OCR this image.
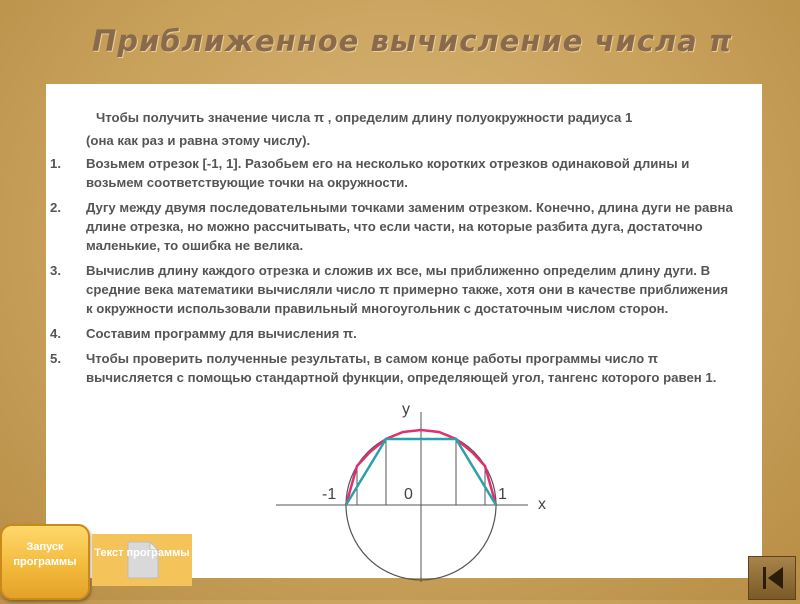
Приближенное вычисление числа π
Чтобы получить значение числа π , определим длину полуокружности радиуса 1
(она как раз и равна этому числу).
1. Возьмем отрезок [-1, 1]. Разобьем его на несколько коротких отрезков одинаковой длины и возьмем соответствующие точки на окружности.
2. Дугу между двумя последовательными точками заменим отрезком. Конечно, длина дуги не равна длине отрезка, но можно рассчитывать, что если части, на которые разбита дуга, достаточно маленькие, то ошибка не велика.
3. Вычислив длину каждого отрезка и сложив их все, мы приближенно определим длину дуги. В средние века математики вычисляли число π примерно также, хотя они в качестве приближения к окружности использовали правильный многоугольник с достаточным числом сторон.
4. Составим программу для вычисления π.
5. Чтобы проверить полученные результаты, в самом конце работы программы число π вычисляется с помощью стандартной функции, определяющей угол, тангенс которого равен 1.
y
x
-1	0	1
Запуск программы
Текст программы
